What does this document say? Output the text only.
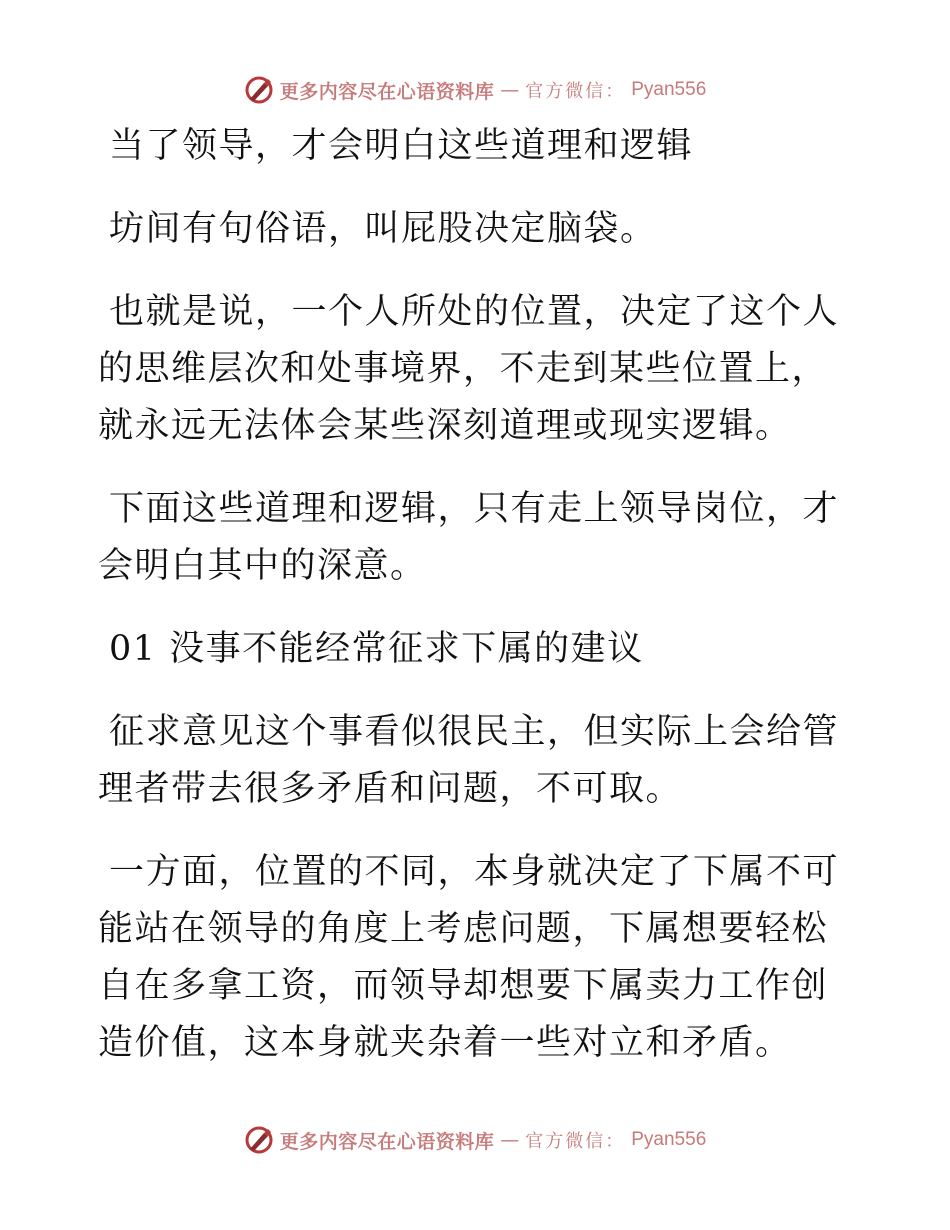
更多内容尽在心语资料库 — 官方微信： Pyan556

当了领导，才会明白这些道理和逻辑

坊间有句俗语，叫屁股决定脑袋。

也就是说，一个人所处的位置，决定了这个人的思维层次和处事境界，不走到某些位置上，就永远无法体会某些深刻道理或现实逻辑。

下面这些道理和逻辑，只有走上领导岗位，才会明白其中的深意。

01 没事不能经常征求下属的建议

征求意见这个事看似很民主，但实际上会给管理者带去很多矛盾和问题，不可取。

一方面，位置的不同，本身就决定了下属不可能站在领导的角度上考虑问题，下属想要轻松自在多拿工资，而领导却想要下属卖力工作创造价值，这本身就夹杂着一些对立和矛盾。

更多内容尽在心语资料库 — 官方微信： Pyan556
